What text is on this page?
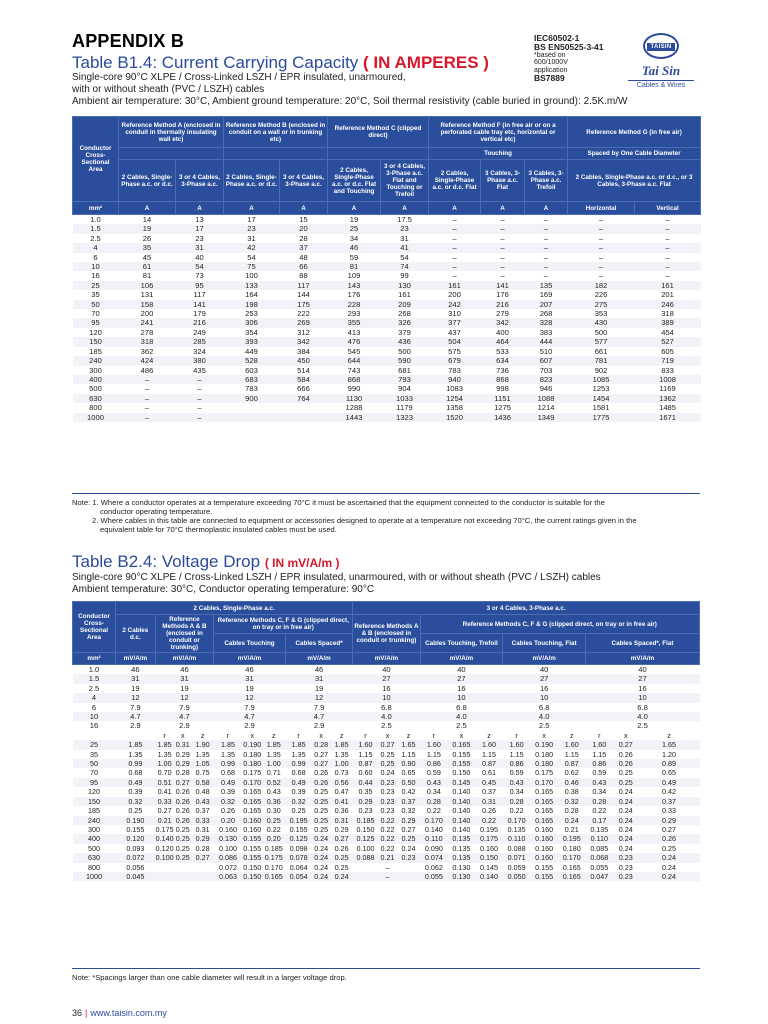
APPENDIX B
Table B1.4: Current Carrying Capacity ( IN AMPERES )
Single-core 90°C XLPE / Cross-Linked LSZH / EPR insulated, unarmoured,
with or without sheath (PVC / LSZH) cables
Ambient air temperature: 30°C, Ambient ground temperature: 20°C, Soil thermal resistivity (cable buried in ground): 2.5K.m/W
IEC60502-1
BS EN50525-3-41
*based on
600/1000V
application
BS7889
TAISIN
Tai Sin
Cables & Wires
Conductor Cross-Sectional Area	Reference Method A (enclosed in conduit in thermally insulating wall etc)		Reference Method B (enclosed in conduit on a wall or in trunking etc)		Reference Method C (clipped direct)		Reference Method F (in free air or on a perforated cable tray etc, horizontal or vertical etc)			Reference Method G (in free air)	
							Touching			Spaced by One Cable Diameter	
	2 Cables, Single-Phase a.c. or d.c.	3 or 4 Cables, 3-Phase a.c.	2 Cables, Single-Phase a.c. or d.c.	3 or 4 Cables, 3-Phase a.c.	2 Cables, Single-Phase a.c. or d.c. Flat and Touching	3 or 4 Cables, 3-Phase a.c. Flat and Touching or Trefoil	2 Cables, Single-Phase a.c. or d.c. Flat	3 Cables, 3-Phase a.c. Flat	3 Cables, 3-Phase a.c. Trefoil	2 Cables, Single-Phase a.c. or d.c., or 3 Cables, 3-Phase a.c. Flat	
mm²	A	A	A	A	A	A	A	A	A	Horizontal	Vertical
1.0	14	13	17	15	19	17.5	–	–	–	–	–
1.5	19	17	23	20	25	23	–	–	–	–	–
2.5	26	23	31	28	34	31	–	–	–	–	–
4	35	31	42	37	46	41	–	–	–	–	–
6	45	40	54	48	59	54	–	–	–	–	–
10	61	54	75	66	81	74	–	–	–	–	–
16	81	73	100	88	109	99	–	–	–	–	–
25	106	95	133	117	143	130	161	141	135	182	161
35	131	117	164	144	176	161	200	176	169	226	201
50	158	141	198	175	228	209	242	216	207	275	246
70	200	179	253	222	293	268	310	279	268	353	318
95	241	216	306	269	355	326	377	342	328	430	389
120	278	249	354	312	413	379	437	400	383	500	454
150	318	285	393	342	476	436	504	464	444	577	527
185	362	324	449	384	545	500	575	533	510	661	605
240	424	380	528	450	644	590	679	634	607	781	719
300	486	435	603	514	743	681	783	736	703	902	833
400	–	–	683	584	868	793	940	868	823	1085	1008
500	–	–	783	666	990	904	1083	998	946	1253	1169
630	–	–	900	764	1130	1033	1254	1151	1088	1454	1362
800	–	–			1288	1179	1358	1275	1214	1581	1485
1000	–	–			1443	1323	1520	1436	1349	1775	1671

Note: 1. Where a conductor operates at a temperature exceeding 70°C it must be ascertained that the equipment connected to the conductor is suitable for the

conductor operating temperature.

2. Where cables in this table are connected to equipment or accessories designed to operate at a temperature not exceeding 70°C, the current ratings given in the

equivalent table for 70°C thermoplastic insulated cables must be used.

Table B2.4: Voltage Drop ( IN mV/A/m )
Single-core 90°C XLPE / Cross-Linked LSZH / EPR insulated, unarmoured, with or without sheath (PVC / LSZH) cables
Ambient temperature: 30°C, Conductor operating temperature: 90°C
Conductor Cross-Sectional Area	2 Cables, Single-Phase a.c.										3 or 4 Cables, 3-Phase a.c.											
	2 Cables d.c.	Reference Methods A & B (enclosed in conduit or trunking)			Reference Methods C, F & G (clipped direct, on tray or in free air)						Reference Methods A & B (enclosed in conduit or trunking)			Reference Methods C, F & G (clipped direct, on tray or in free air)								
					Cables Touching			Cables Spaced*						Cables Touching, Trefoil			Cables Touching, Flat			Cables Spaced*, Flat		
mm²	mV/A/m	mV/A/m			mV/A/m			mV/A/m			mV/A/m			mV/A/m			mV/A/m			mV/A/m		
1.0	46	46			46			46			40			40			40			40		
1.5	31	31			31			31			27			27			27			27		
2.5	19	19			19			19			16			16			16			16		
4	12	12			12			12			10			10			10			10		
6	7.9	7.9			7.9			7.9			6.8			6.8			6.8			6.8		
10	4.7	4.7			4.7			4.7			4.0			4.0			4.0			4.0		
16	2.9	2.9			2.9			2.9			2.5			2.5			2.5			2.5		
		r	x	z	r	x	z	r	x	z	r	x	z	r	x	z	r	x	z	r	x	z
25	1.85	1.85	0.31	1.90	1.85	0.190	1.85	1.85	0.28	1.85	1.60	0.27	1.65	1.60	0.165	1.60	1.60	0.190	1.60	1.60	0.27	1.65
35	1.35	1.35	0.29	1.35	1.35	0.180	1.35	1.35	0.27	1.35	1.15	0.25	1.15	1.15	0.155	1.15	1.15	0.180	1.15	1.15	0.26	1.20
50	0.99	1.00	0.29	1.05	0.99	0.180	1.00	0.99	0.27	1.00	0.87	0.25	0.90	0.86	0.155	0.87	0.86	0.180	0.87	0.86	0.26	0.89
70	0.68	0.70	0.28	0.75	0.68	0.175	0.71	0.68	0.26	0.73	0.60	0.24	0.65	0.59	0.150	0.61	0.59	0.175	0.62	0.59	0.25	0.65
95	0.49	0.51	0.27	0.58	0.49	0.170	0.52	0.49	0.26	0.56	0.44	0.23	0.50	0.43	0.145	0.45	0.43	0.170	0.46	0.43	0.25	0.49
120	0.39	0.41	0.26	0.48	0.39	0.165	0.43	0.39	0.25	0.47	0.35	0.23	0.42	0.34	0.140	0.37	0.34	0.165	0.38	0.34	0.24	0.42
150	0.32	0.33	0.26	0.43	0.32	0.165	0.36	0.32	0.25	0.41	0.29	0.23	0.37	0.28	0.140	0.31	0.28	0.165	0.32	0.28	0.24	0.37
185	0.25	0.27	0.26	0.37	0.26	0.165	0.30	0.25	0.25	0.36	0.23	0.23	0.32	0.22	0.140	0.26	0.22	0.165	0.28	0.22	0.24	0.33
240	0.190	0.21	0.26	0.33	0.20	0.160	0.25	0.195	0.25	0.31	0.185	0.22	0.29	0.170	0.140	0.22	0.170	0.165	0.24	0.17	0.24	0.29
300	0.155	0.175	0.25	0.31	0.160	0.160	0.22	0.155	0.25	0.29	0.150	0.22	0.27	0.140	0.140	0.195	0.135	0.160	0.21	0.135	0.24	0.27
400	0.120	0.140	0.25	0.29	0.130	0.155	0.20	0.125	0.24	0.27	0.125	0.22	0.25	0.110	0.135	0.175	0.110	0.160	0.195	0.110	0.24	0.26
500	0.093	0.120	0.25	0.28	0.100	0.155	0.185	0.098	0.24	0.26	0.100	0.22	0.24	0.090	0.135	0.160	0.088	0.160	0.180	0.085	0.24	0.25
630	0.072	0.100	0.25	0.27	0.086	0.155	0.175	0.078	0.24	0.25	0.088	0.21	0.23	0.074	0.135	0.150	0.071	0.160	0.170	0.068	0.23	0.24
800	0.056				0.072	0.150	0.170	0.064	0.24	0.25		–		0.062	0.130	0.145	0.059	0.155	0.165	0.055	0.23	0.24
1000	0.045				0.063	0.150	0.165	0.054	0.24	0.24		–		0.055	0.130	0.140	0.050	0.155	0.165	0.047	0.23	0.24
Note: *Spacings larger than one cable diameter will result in a larger voltage drop.
36 | www.taisin.com.my
